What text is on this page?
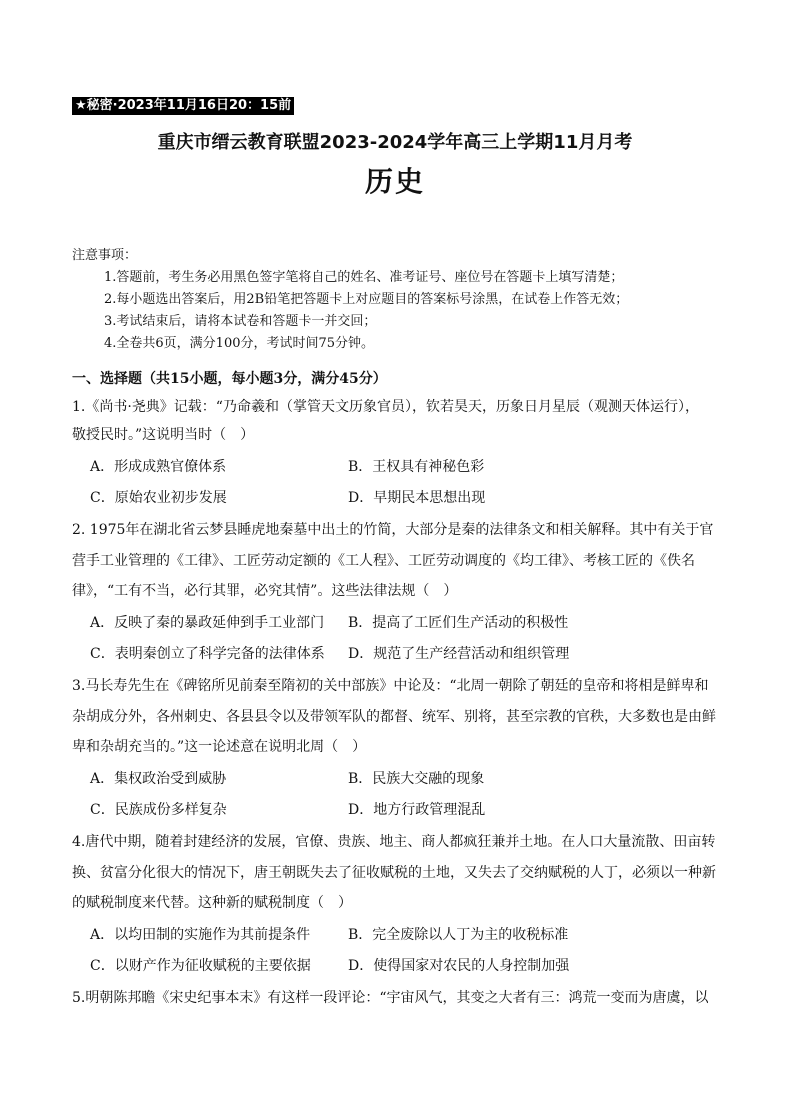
★秘密·2023年11月16日20：15前
重庆市缙云教育联盟2023-2024学年高三上学期11月月考
历史
注意事项：
1.答题前，考生务必用黑色签字笔将自己的姓名、准考证号、座位号在答题卡上填写清楚；
2.每小题选出答案后，用2B铅笔把答题卡上对应题目的答案标号涂黑，在试卷上作答无效；
3.考试结束后，请将本试卷和答题卡一并交回；
4.全卷共6页，满分100分，考试时间75分钟。
一、选择题（共15小题，每小题3分，满分45分）
1.《尚书·尧典》记载：“乃命羲和（掌管天文历象官员），钦若昊天，历象日月星辰（观测天体运行），
敬授民时。”这说明当时（　）
A．形成成熟官僚体系	B．王权具有神秘色彩
C．原始农业初步发展	D．早期民本思想出现
2. 1975年在湖北省云梦县睡虎地秦墓中出土的竹简，大部分是秦的法律条文和相关解释。其中有关于官
营手工业管理的《工律》、工匠劳动定额的《工人程》、工匠劳动调度的《均工律》、考核工匠的《佚名
律》，“工有不当，必行其罪，必究其情”。这些法律法规（　）
A．反映了秦的暴政延伸到手工业部门 B．提高了工匠们生产活动的积极性
C．表明秦创立了科学完备的法律体系 D．规范了生产经营活动和组织管理
3.马长寿先生在《碑铭所见前秦至隋初的关中部族》中论及：“北周一朝除了朝廷的皇帝和将相是鲜卑和
杂胡成分外，各州刺史、各县县令以及带领军队的都督、统军、别将，甚至宗教的官秩，大多数也是由鲜
卑和杂胡充当的。”这一论述意在说明北周（　）
A．集权政治受到威胁	B．民族大交融的现象
C．民族成份多样复杂	D．地方行政管理混乱
4.唐代中期，随着封建经济的发展，官僚、贵族、地主、商人都疯狂兼并土地。在人口大量流散、田亩转
换、贫富分化很大的情况下，唐王朝既失去了征收赋税的土地，又失去了交纳赋税的人丁，必须以一种新
的赋税制度来代替。这种新的赋税制度（　）
A．以均田制的实施作为其前提条件	B．完全废除以人丁为主的收税标准
C．以财产作为征收赋税的主要依据	D．使得国家对农民的人身控制加强
5.明朝陈邦瞻《宋史纪事本末》有这样一段评论：“宇宙风气，其变之大者有三：鸿荒一变而为唐虞，以
